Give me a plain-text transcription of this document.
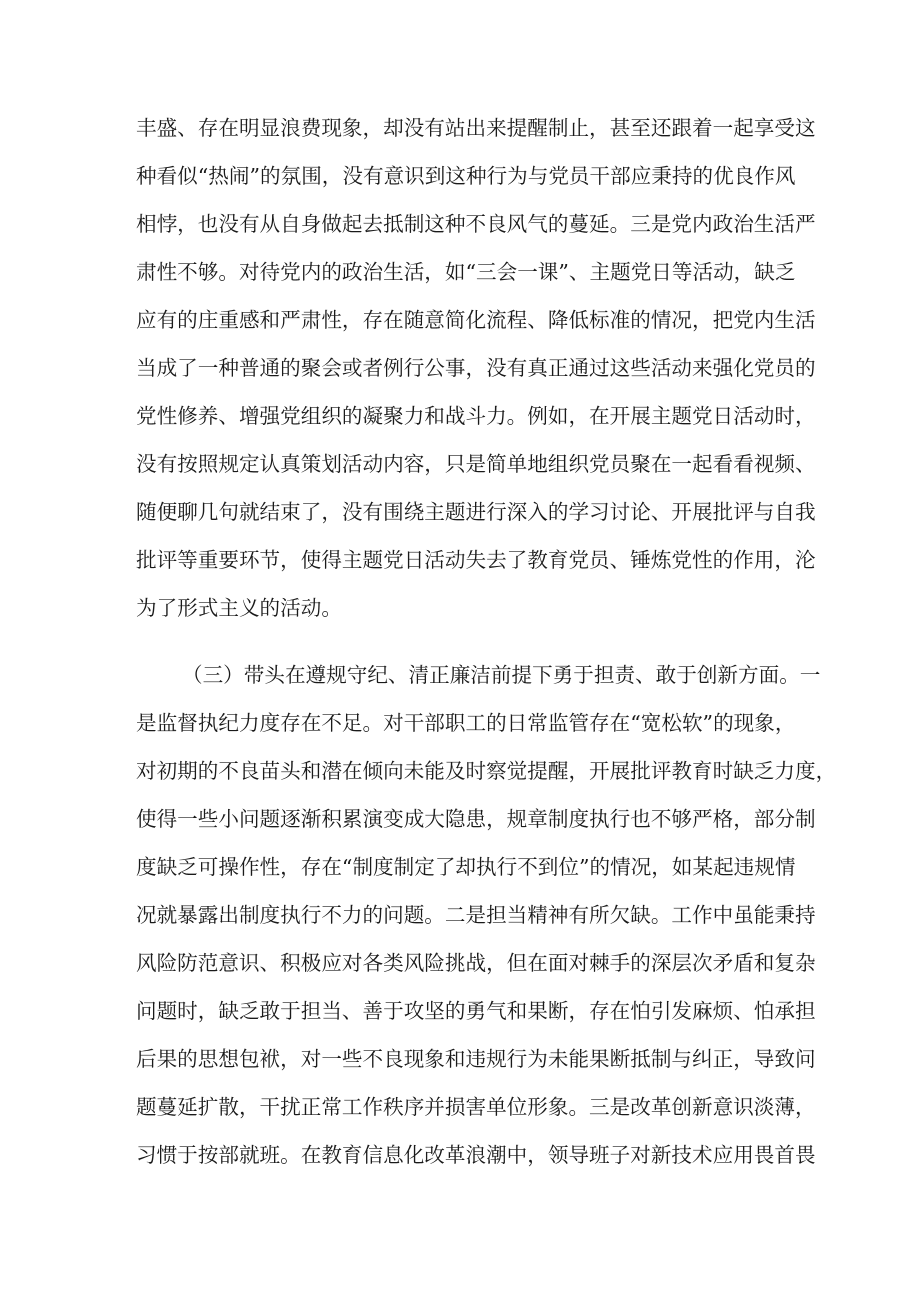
丰盛、存在明显浪费现象，却没有站出来提醒制止，甚至还跟着一起享受这

种看似“热闹”的氛围，没有意识到这种行为与党员干部应秉持的优良作风

相悖，也没有从自身做起去抵制这种不良风气的蔓延。三是党内政治生活严

肃性不够。对待党内的政治生活，如“三会一课”、主题党日等活动，缺乏

应有的庄重感和严肃性，存在随意简化流程、降低标准的情况，把党内生活

当成了一种普通的聚会或者例行公事，没有真正通过这些活动来强化党员的

党性修养、增强党组织的凝聚力和战斗力。例如，在开展主题党日活动时，

没有按照规定认真策划活动内容，只是简单地组织党员聚在一起看看视频、

随便聊几句就结束了，没有围绕主题进行深入的学习讨论、开展批评与自我

批评等重要环节，使得主题党日活动失去了教育党员、锤炼党性的作用，沦

为了形式主义的活动。

（三）带头在遵规守纪、清正廉洁前提下勇于担责、敢于创新方面。一

是监督执纪力度存在不足。对干部职工的日常监管存在“宽松软”的现象，

对初期的不良苗头和潜在倾向未能及时察觉提醒，开展批评教育时缺乏力度，

使得一些小问题逐渐积累演变成大隐患，规章制度执行也不够严格，部分制

度缺乏可操作性，存在“制度制定了却执行不到位”的情况，如某起违规情

况就暴露出制度执行不力的问题。二是担当精神有所欠缺。工作中虽能秉持

风险防范意识、积极应对各类风险挑战，但在面对棘手的深层次矛盾和复杂

问题时，缺乏敢于担当、善于攻坚的勇气和果断，存在怕引发麻烦、怕承担

后果的思想包袱，对一些不良现象和违规行为未能果断抵制与纠正，导致问

题蔓延扩散，干扰正常工作秩序并损害单位形象。三是改革创新意识淡薄，

习惯于按部就班。在教育信息化改革浪潮中，领导班子对新技术应用畏首畏
